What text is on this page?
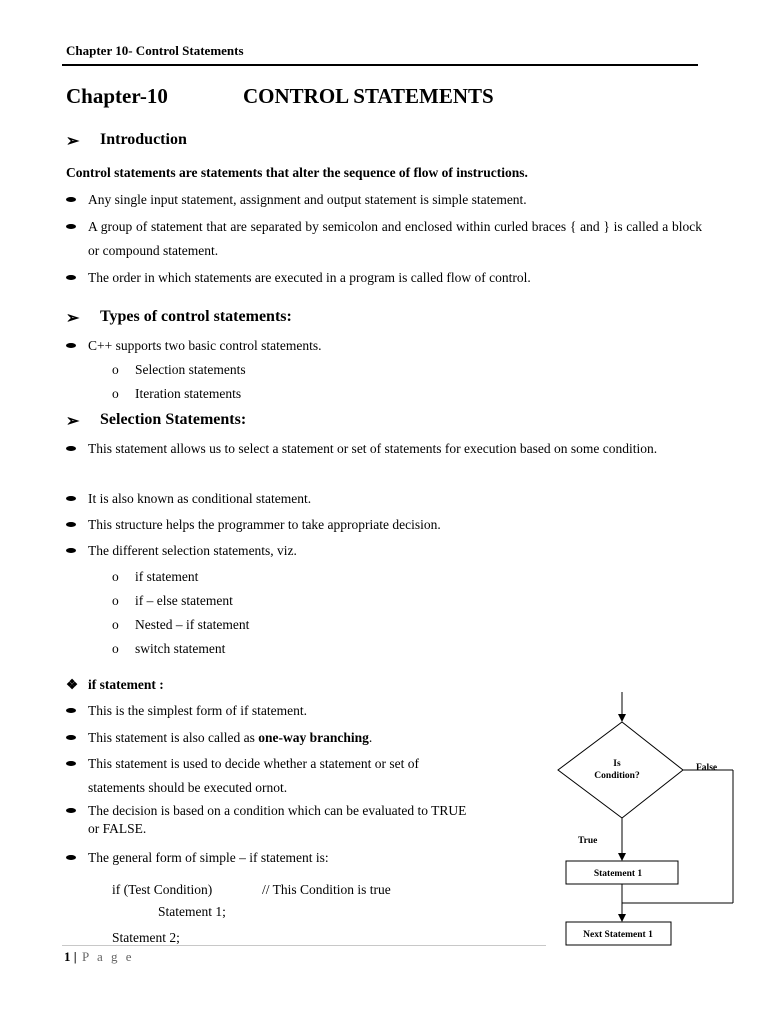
Chapter 10- Control Statements
Chapter-10	CONTROL STATEMENTS
➢ Introduction
Control statements are statements that alter the sequence of flow of instructions.
Any single input statement, assignment and output statement is simple statement.
A group of statement that are separated by semicolon and enclosed within curled braces { and } is called a block or compound statement.
The order in which statements are executed in a program is called flow of control.
➢ Types of control statements:
C++ supports two basic control statements.
o Selection statements
o Iteration statements
➢ Selection Statements:
This statement allows us to select a statement or set of statements for execution based on some condition.
It is also known as conditional statement.
This structure helps the programmer to take appropriate decision.
The different selection statements, viz.
o if statement
o if – else statement
o Nested – if statement
o switch statement
❖ if statement :
This is the simplest form of if statement.
This statement is also called as one-way branching.
This statement is used to decide whether a statement or set of
statements should be executed ornot.
The decision is based on a condition which can be evaluated to TRUE
or FALSE.
The general form of simple – if statement is:
if (Test Condition)	// This Condition is true
Statement 1;
Statement 2;
Is
Condition?
False
True
Statement 1
Next Statement 1
1 | P a g e
